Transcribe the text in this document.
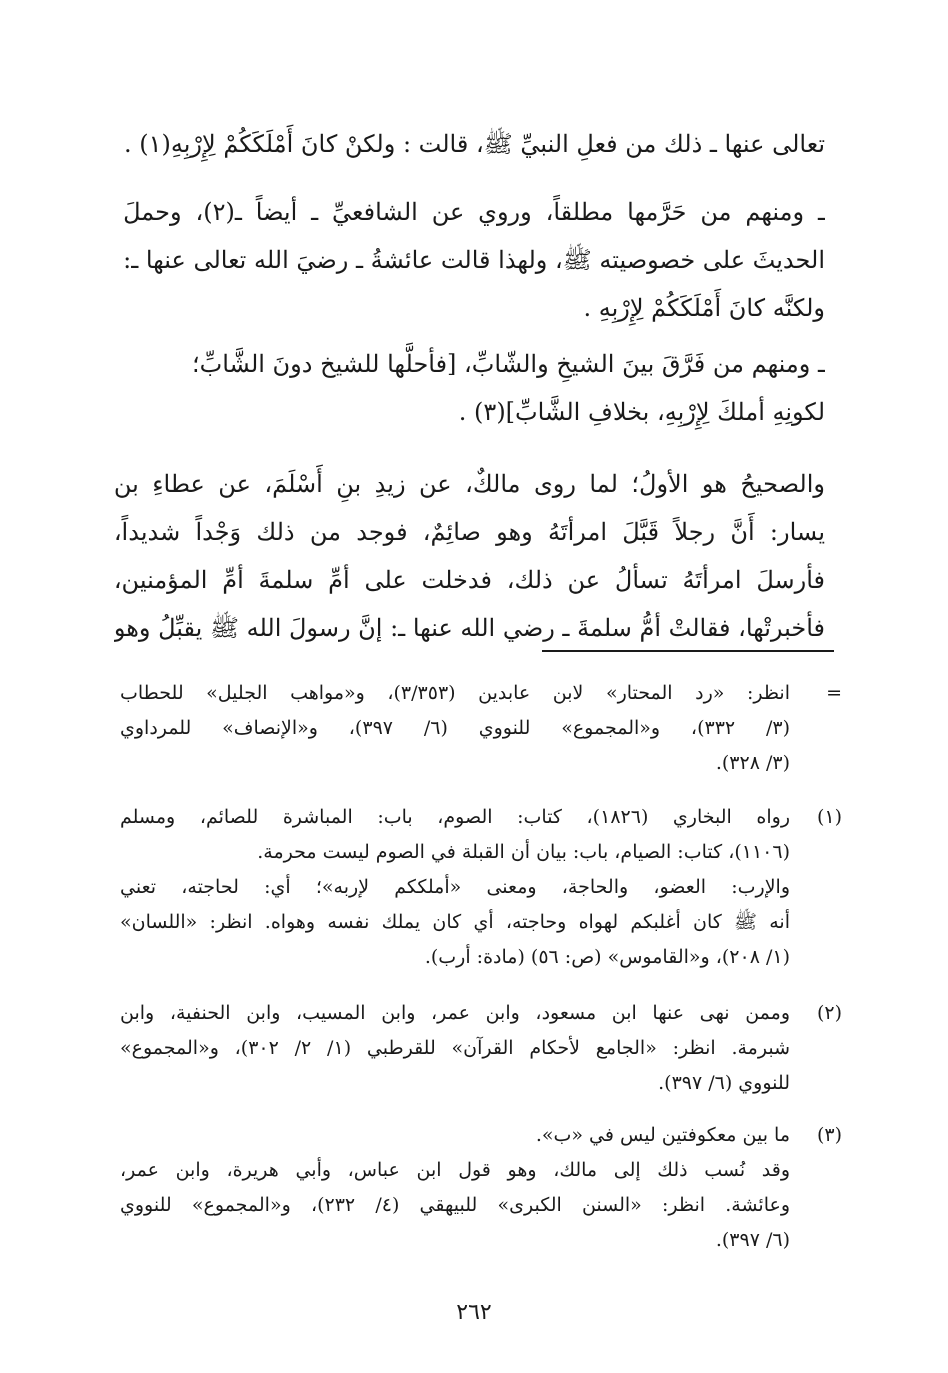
تعالى عنها ـ ذلك من فعلِ النبيِّ ﷺ، قالت : ولكنْ كانَ أَمْلَكَكُمْ لِإِرْبِهِ(١) .
ـ ومنهم من حَرَّمها مطلقاً، وروي عن الشافعيِّ ـ أيضاً ـ(٢)، وحملَ
الحديثَ على خصوصيته ﷺ، ولهذا قالت عائشةُ ـ رضيَ الله تعالى عنها ـ:
ولكنَّه كانَ أَمْلَكَكُمْ لِإِرْبِهِ .
ـ ومنهم من فَرَّقَ بينَ الشيخِ والشّابِّ، [فأحلَّها للشيخ دونَ الشَّابِّ؛
لكونِهِ أملكَ لِإِرْبِهِ، بخلافِ الشَّابِّ](٣) .
والصحيحُ هو الأولُ؛ لما روى مالكٌ، عن زيدِ بنِ أَسْلَمَ، عن عطاءِ بن
يسار: أَنَّ رجلاً قَبَّلَ امرأتَهُ وهو صائِمٌ، فوجد من ذلك وَجْداً شديداً،
فأرسلَ امرأتَهُ تسألُ عن ذلك، فدخلت على أمِّ سلمةَ أمِّ المؤمنين،
فأخبرتْها، فقالتْ أمُّ سلمةَ ـ رضي الله عنها ـ: إنَّ رسولَ الله ﷺ يقبِّلُ وهو
=
انظر: «رد المحتار» لابن عابدين (٣/٣٥٣)، و«مواهب الجليل» للحطاب
(٣/ ٣٣٢)، و«المجموع» للنووي (٦/ ٣٩٧)، و«الإنصاف» للمرداوي
(٣/ ٣٢٨).
(١)
رواه البخاري (١٨٢٦)، كتاب: الصوم، باب: المباشرة للصائم، ومسلم
(١١٠٦)، كتاب: الصيام، باب: بيان أن القبلة في الصوم ليست محرمة.
والإرب: العضو، والحاجة، ومعنى «أملككم لإربه»؛ أي: لحاجته، تعني
أنه ﷺ كان أغلبكم لهواه وحاجته، أي كان يملك نفسه وهواه. انظر: «اللسان»
(١/ ٢٠٨)، و«القاموس» (ص: ٥٦) (مادة: أرب).
(٢)
وممن نهى عنها ابن مسعود، وابن عمر، وابن المسيب، وابن الحنفية، وابن
شبرمة. انظر: «الجامع لأحكام القرآن» للقرطبي (١/ ٢/ ٣٠٢)، و«المجموع»
للنووي (٦/ ٣٩٧).
(٣)
ما بين معكوفتين ليس في «ب».
وقد نُسب ذلك إلى مالك، وهو قول ابن عباس، وأبي هريرة، وابن عمر،
وعائشة. انظر: «السنن الكبرى» للبيهقي (٤/ ٢٣٢)، و«المجموع» للنووي
(٦/ ٣٩٧).
٢٦٢
